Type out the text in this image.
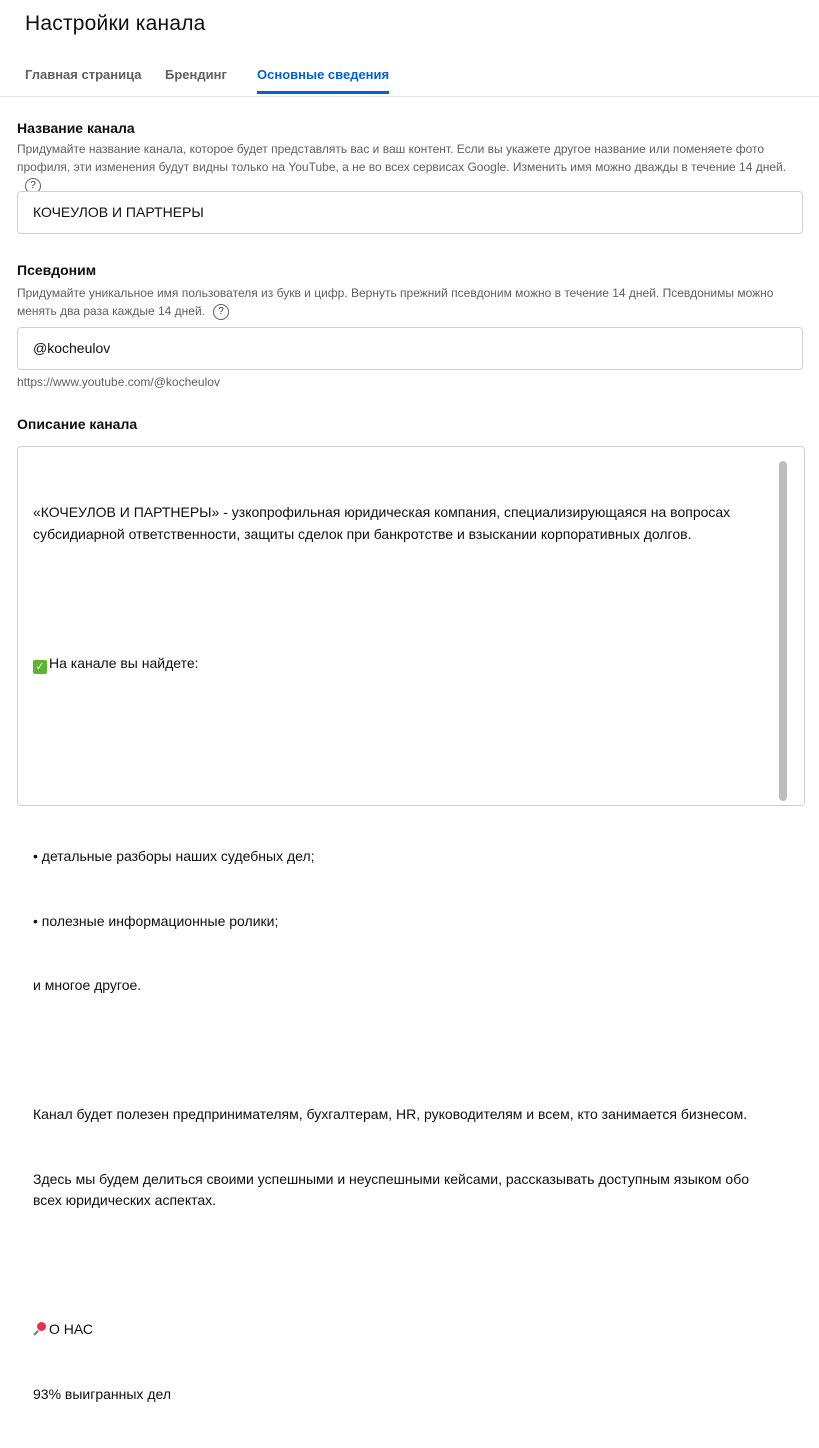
Настройки канала
Главная страница Брендинг Основные сведения
Название канала
Придумайте название канала, которое будет представлять вас и ваш контент. Если вы укажете другое название или поменяете фото профиля, эти изменения будут видны только на YouTube, а не во всех сервисах Google. Изменить имя можно дважды в течение 14 дней.?
КОЧЕУЛОВ И ПАРТНЕРЫ
Псевдоним
Придумайте уникальное имя пользователя из букв и цифр. Вернуть прежний псевдоним можно в течение 14 дней. Псевдонимы можно менять два раза каждые 14 дней. ?
@kocheulov
https://www.youtube.com/@kocheulov
Описание канала

«КОЧЕУЛОВ И ПАРТНЕРЫ» - узкопрофильная юридическая компания, специализирующаяся на вопросах субсидиарной ответственности, защиты сделок при банкротстве и взыскании корпоративных долгов.

✓ На канале вы найдете:

• детальные разборы наших судебных дел;

• полезные информационные ролики;

и многое другое.

Канал будет полезен предпринимателям, бухгалтерам, HR, руководителям и всем, кто занимается бизнесом.

Здесь мы будем делиться своими успешными и неуспешными кейсами, рассказывать доступным языком обо всех юридических аспектах.

О НАС

93% выигранных дел
